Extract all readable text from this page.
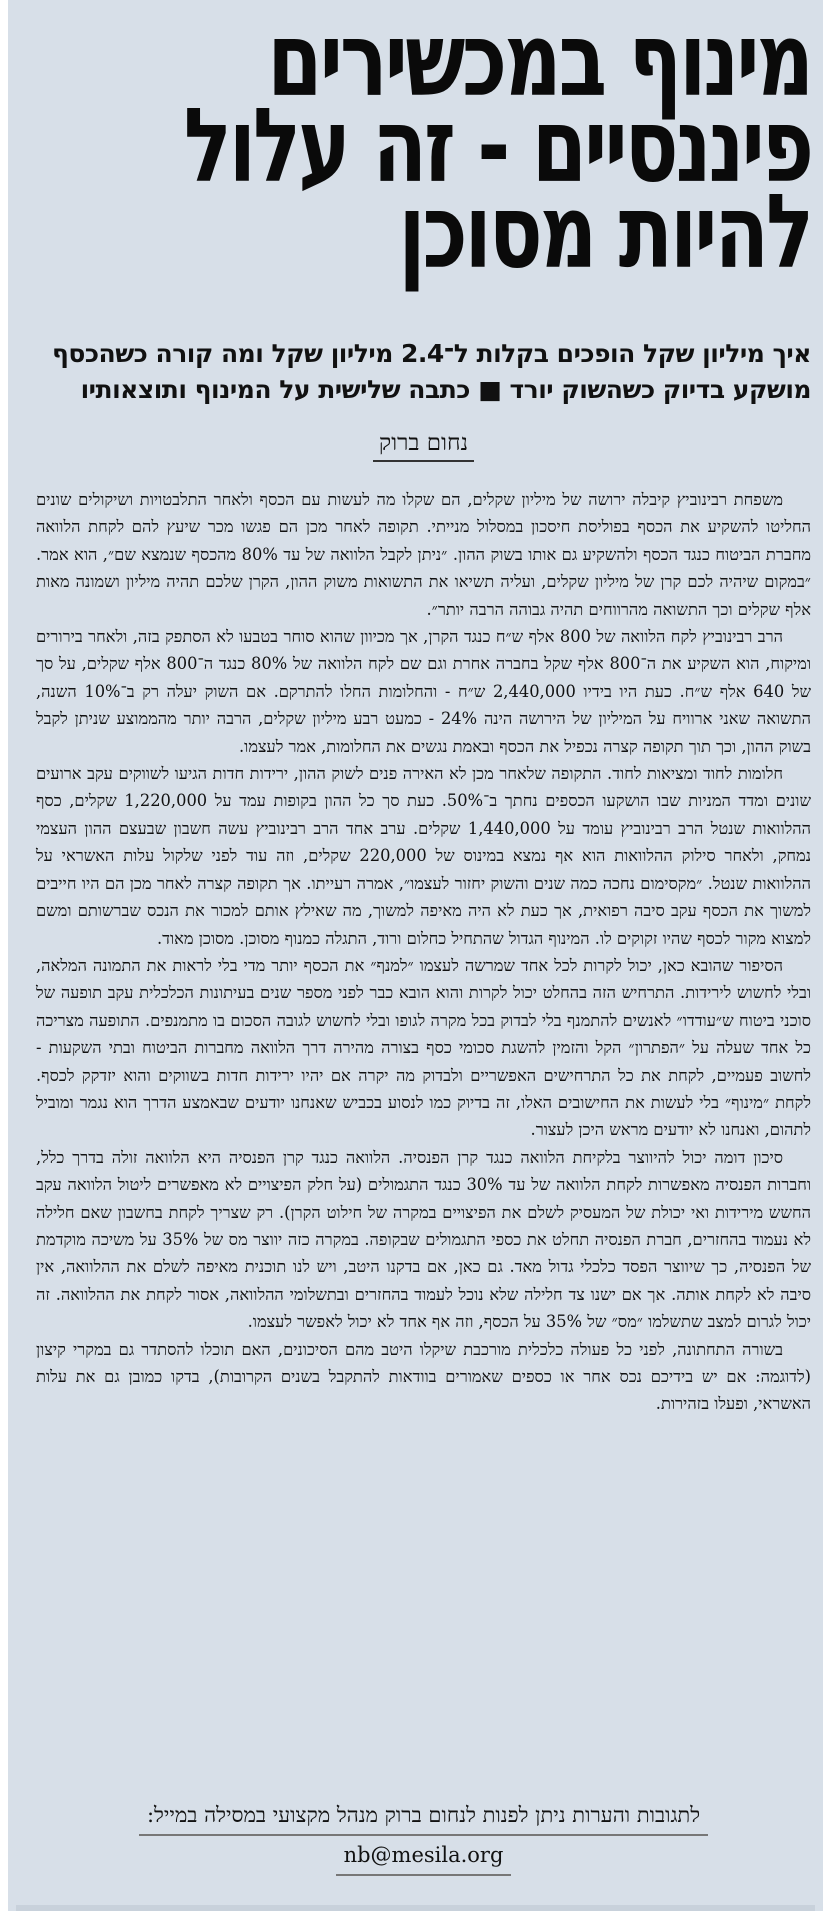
מינוף במכשירים
פיננסיים - זה עלול
להיות מסוכן
איך מיליון שקל הופכים בקלות ל־2.4 מיליון שקל ומה קורה כשהכסף
מושקע בדיוק כשהשוק יורד ■ כתבה שלישית על המינוף ותוצאותיו
נחום ברוק

משפחת רבינוביץ קיבלה ירושה של מיליון שקלים, הם שקלו מה לעשות עם הכסף ולאחר התלבטויות ושיקולים שונים החליטו להשקיע את הכסף בפוליסת חיסכון במסלול מנייתי. תקופה לאחר מכן הם פגשו מכר שיעץ להם לקחת הלוואה מחברת הביטוח כנגד הכסף ולהשקיע גם אותו בשוק ההון. ״ניתן לקבל הלוואה של עד 80% מהכסף שנמצא שם״, הוא אמר. ״במקום שיהיה לכם קרן של מיליון שקלים, ועליה תשיאו את התשואות משוק ההון, הקרן שלכם תהיה מיליון ושמונה מאות אלף שקלים וכך התשואה מהרווחים תהיה גבוהה הרבה יותר״.

הרב רבינוביץ לקח הלוואה של 800 אלף ש״ח כנגד הקרן, אך מכיוון שהוא סוחר בטבעו לא הסתפק בזה, ולאחר בירורים ומיקוח, הוא השקיע את ה־800 אלף שקל בחברה אחרת וגם שם לקח הלוואה של 80% כנגד ה־800 אלף שקלים, על סך של 640 אלף ש״ח. כעת היו בידיו 2,440,000 ש״ח - והחלומות החלו להתרקם. אם השוק יעלה רק ב־10% השנה, התשואה שאני ארוויח על המיליון של הירושה הינה 24% - כמעט רבע מיליון שקלים, הרבה יותר מהממוצע שניתן לקבל בשוק ההון, וכך תוך תקופה קצרה נכפיל את הכסף ובאמת נגשים את החלומות, אמר לעצמו.

חלומות לחוד ומציאות לחוד. התקופה שלאחר מכן לא האירה פנים לשוק ההון, ירידות חדות הגיעו לשווקים עקב ארועים שונים ומדד המניות שבו הושקעו הכספים נחתך ב־50%. כעת סך כל ההון בקופות עמד על 1,220,000 שקלים, כסף ההלוואות שנטל הרב רבינוביץ עומד על 1,440,000 שקלים. ערב אחד הרב רבינוביץ עשה חשבון שבעצם ההון העצמי נמחק, ולאחר סילוק ההלוואות הוא אף נמצא במינוס של 220,000 שקלים, וזה עוד לפני שלקול עלות האשראי על ההלוואות שנטל. ״מקסימום נחכה כמה שנים והשוק יחזור לעצמו״, אמרה רעייתו. אך תקופה קצרה לאחר מכן הם היו חייבים למשוך את הכסף עקב סיבה רפואית, אך כעת לא היה מאיפה למשוך, מה שאילץ אותם למכור את הנכס שברשותם ומשם למצוא מקור לכסף שהיו זקוקים לו. המינוף הגדול שהתחיל כחלום ורוד, התגלה כמנוף מסוכן. מסוכן מאוד.

הסיפור שהובא כאן, יכול לקרות לכל אחד שמרשה לעצמו ״למנף״ את הכסף יותר מדי בלי לראות את התמונה המלאה, ובלי לחשוש לירידות. התרחיש הזה בהחלט יכול לקרות והוא הובא כבר לפני מספר שנים בעיתונות הכלכלית עקב תופעה של סוכני ביטוח ש״עודדו״ לאנשים להתמנף בלי לבדוק בכל מקרה לגופו ובלי לחשוש לגובה הסכום בו מתמנפים. התופעה מצריכה כל אחד שעלה על ״הפתרון״ הקל והזמין להשגת סכומי כסף בצורה מהירה דרך הלוואה מחברות הביטוח ובתי השקעות - לחשוב פעמיים, לקחת את כל התרחישים האפשריים ולבדוק מה יקרה אם יהיו ירידות חדות בשווקים והוא יזדקק לכסף. לקחת ״מינוף״ בלי לעשות את החישובים האלו, זה בדיוק כמו לנסוע בכביש שאנחנו יודעים שבאמצע הדרך הוא נגמר ומוביל לתהום, ואנחנו לא יודעים מראש היכן לעצור.

סיכון דומה יכול להיווצר בלקיחת הלוואה כנגד קרן הפנסיה. הלוואה כנגד קרן הפנסיה היא הלוואה זולה בדרך כלל, וחברות הפנסיה מאפשרות לקחת הלוואה של עד 30% כנגד התגמולים (על חלק הפיצויים לא מאפשרים ליטול הלוואה עקב החשש מירידות ואי יכולת של המעסיק לשלם את הפיצויים במקרה של חילוט הקרן). רק שצריך לקחת בחשבון שאם חלילה לא נעמוד בהחזרים, חברת הפנסיה תחלט את כספי התגמולים שבקופה. במקרה כזה יווצר מס של 35% על משיכה מוקדמת של הפנסיה, כך שיווצר הפסד כלכלי גדול מאד. גם כאן, אם בדקנו היטב, ויש לנו תוכנית מאיפה לשלם את ההלוואה, אין סיבה לא לקחת אותה. אך אם ישנו צד חלילה שלא נוכל לעמוד בהחזרים ובתשלומי ההלוואה, אסור לקחת את ההלוואה. זה יכול לגרום למצב שתשלמו ״מס״ של 35% על הכסף, וזה אף אחד לא יכול לאפשר לעצמו.

בשורה התחתונה, לפני כל פעולה כלכלית מורכבת שיקלו היטב מהם הסיכונים, האם תוכלו להסתדר גם במקרי קיצון (לדוגמה: אם יש בידיכם נכס אחר או כספים שאמורים בוודאות להתקבל בשנים הקרובות), בדקו כמובן גם את עלות האשראי, ופעלו בזהירות.

לתגובות והערות ניתן לפנות לנחום ברוק מנהל מקצועי במסילה במייל:
nb@mesila.org
